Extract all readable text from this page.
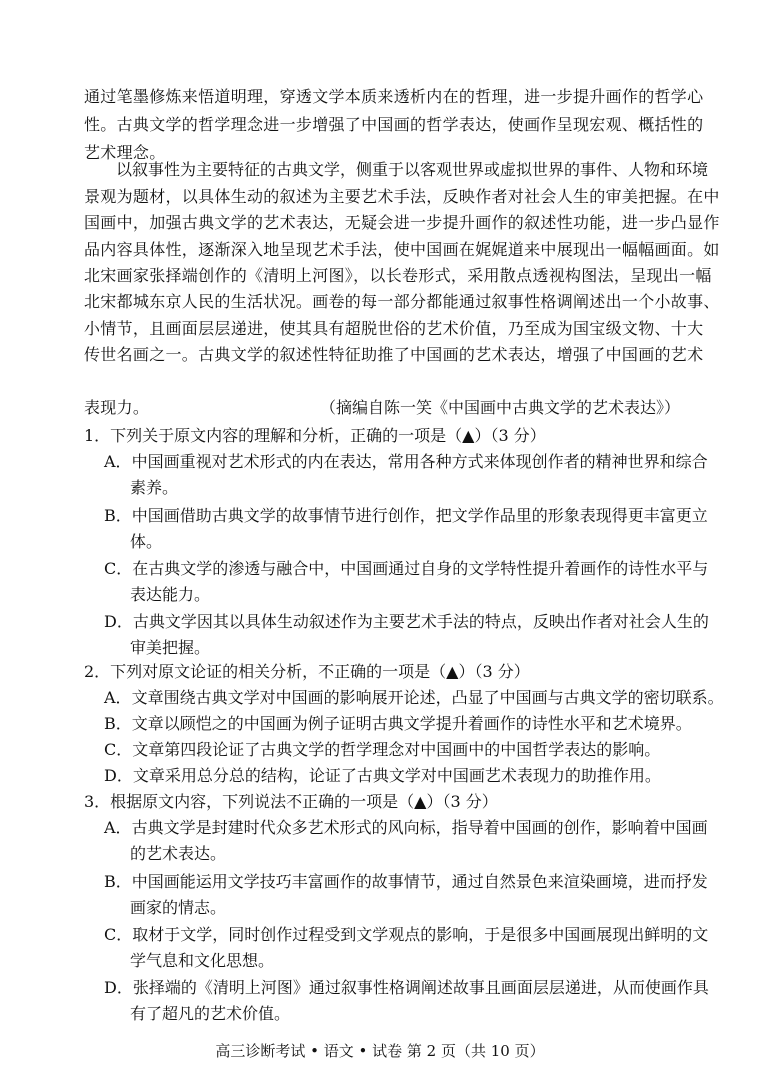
通过笔墨修炼来悟道明理，穿透文学本质来透析内在的哲理，进一步提升画作的哲学心
性。古典文学的哲学理念进一步增强了中国画的哲学表达，使画作呈现宏观、概括性的
艺术理念。
以叙事性为主要特征的古典文学，侧重于以客观世界或虚拟世界的事件、人物和环境
景观为题材，以具体生动的叙述为主要艺术手法，反映作者对社会人生的审美把握。在中
国画中，加强古典文学的艺术表达，无疑会进一步提升画作的叙述性功能，进一步凸显作
品内容具体性，逐渐深入地呈现艺术手法，使中国画在娓娓道来中展现出一幅幅画面。如
北宋画家张择端创作的《清明上河图》，以长卷形式，采用散点透视构图法，呈现出一幅
北宋都城东京人民的生活状况。画卷的每一部分都能通过叙事性格调阐述出一个小故事、
小情节，且画面层层递进，使其具有超脱世俗的艺术价值，乃至成为国宝级文物、十大
传世名画之一。古典文学的叙述性特征助推了中国画的艺术表达，增强了中国画的艺术
表现力。	（摘编自陈一笑《中国画中古典文学的艺术表达》）
1．下列关于原文内容的理解和分析，正确的一项是（▲）（3 分）
A．中国画重视对艺术形式的内在表达，常用各种方式来体现创作者的精神世界和综合
素养。
B．中国画借助古典文学的故事情节进行创作，把文学作品里的形象表现得更丰富更立
体。
C．在古典文学的渗透与融合中，中国画通过自身的文学特性提升着画作的诗性水平与
表达能力。
D．古典文学因其以具体生动叙述作为主要艺术手法的特点，反映出作者对社会人生的
审美把握。
2．下列对原文论证的相关分析，不正确的一项是（▲）（3 分）
A．文章围绕古典文学对中国画的影响展开论述，凸显了中国画与古典文学的密切联系。
B．文章以顾恺之的中国画为例子证明古典文学提升着画作的诗性水平和艺术境界。
C．文章第四段论证了古典文学的哲学理念对中国画中的中国哲学表达的影响。
D．文章采用总分总的结构，论证了古典文学对中国画艺术表现力的助推作用。
3．根据原文内容，下列说法不正确的一项是（▲）（3 分）
A．古典文学是封建时代众多艺术形式的风向标，指导着中国画的创作，影响着中国画
的艺术表达。
B．中国画能运用文学技巧丰富画作的故事情节，通过自然景色来渲染画境，进而抒发
画家的情志。
C．取材于文学，同时创作过程受到文学观点的影响，于是很多中国画展现出鲜明的文
学气息和文化思想。
D．张择端的《清明上河图》通过叙事性格调阐述故事且画面层层递进，从而使画作具
有了超凡的艺术价值。
高三诊断考试 • 语文 • 试卷 第 2 页（共 10 页）
